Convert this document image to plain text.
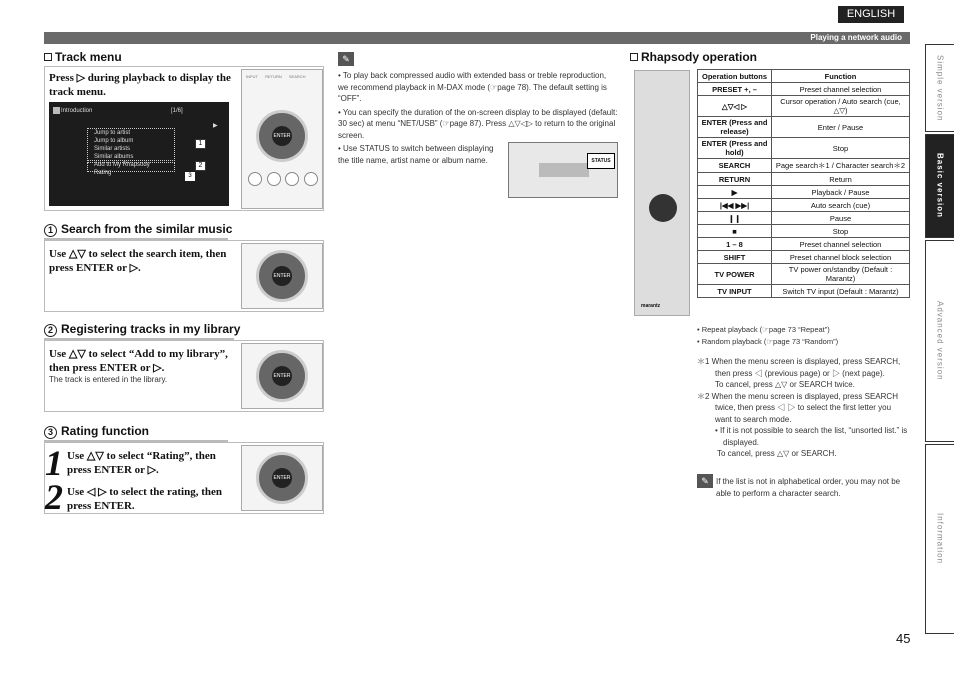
ENGLISH
Playing a network audio
Simple version
Basic version
Advanced version
Information
45
Track menu
Press ▷ during playback to display the track menu.
Introduction	[1/6]
▶
Jump to artist
Jump to album
Similar artists
Similar albums
Add to My Rhapsody
Rating	3
1
2
INPUT RETURN SEARCH
ENTER
1 Search from the similar music
Use △▽ to select the search item, then press ENTER or ▷.
ENTER
2 Registering tracks in my library
Use △▽ to select “Add to my library”, then press ENTER or ▷.
The track is entered in the library.	ENTER
3 Rating function
1 Use △▽ to select “Rating”, then press ENTER or ▷.
2 Use ◁ ▷ to select the rating, then press ENTER.
ENTER
✎
• To play back compressed audio with extended bass or treble reproduction, we recommend playback in M-DAX mode (☞page 78). The default setting is “OFF”.
• You can specify the duration of the on-screen display to be displayed (default: 30 sec) at menu “NET/USB” (☞page 87). Press △▽◁▷ to return to the original screen.
• Use STATUS to switch between displaying the title name, artist name or album name.	STATUS
Rhapsody operation
marantz
Operation buttons	Function
PRESET +, –	Preset channel selection
△▽◁ ▷	Cursor operation / Auto search (cue, △▽)
ENTER (Press and release)	Enter / Pause
ENTER (Press and hold)	Stop
SEARCH	Page search＊1 / Character search＊2
RETURN	Return
▶	Playback / Pause
|◀◀ ▶▶|	Auto search (cue)
❙❙	Pause
■	Stop
1 – 8	Preset channel selection
SHIFT	Preset channel block selection
TV POWER	TV power on/standby (Default : Marantz)
TV INPUT	Switch TV input (Default : Marantz)
• Repeat playback (☞page 73 “Repeat”)
• Random playback (☞page 73 “Random”)
＊1 When the menu screen is displayed, press SEARCH, then press ◁ (previous page) or ▷ (next page).
To cancel, press △▽ or SEARCH twice.
＊2 When the menu screen is displayed, press SEARCH twice, then press ◁ ▷ to select the first letter you want to search mode.
• If it is not possible to search the list, “unsorted list.” is displayed.
To cancel, press △▽ or SEARCH.
✎ If the list is not in alphabetical order, you may not be able to perform a character search.
